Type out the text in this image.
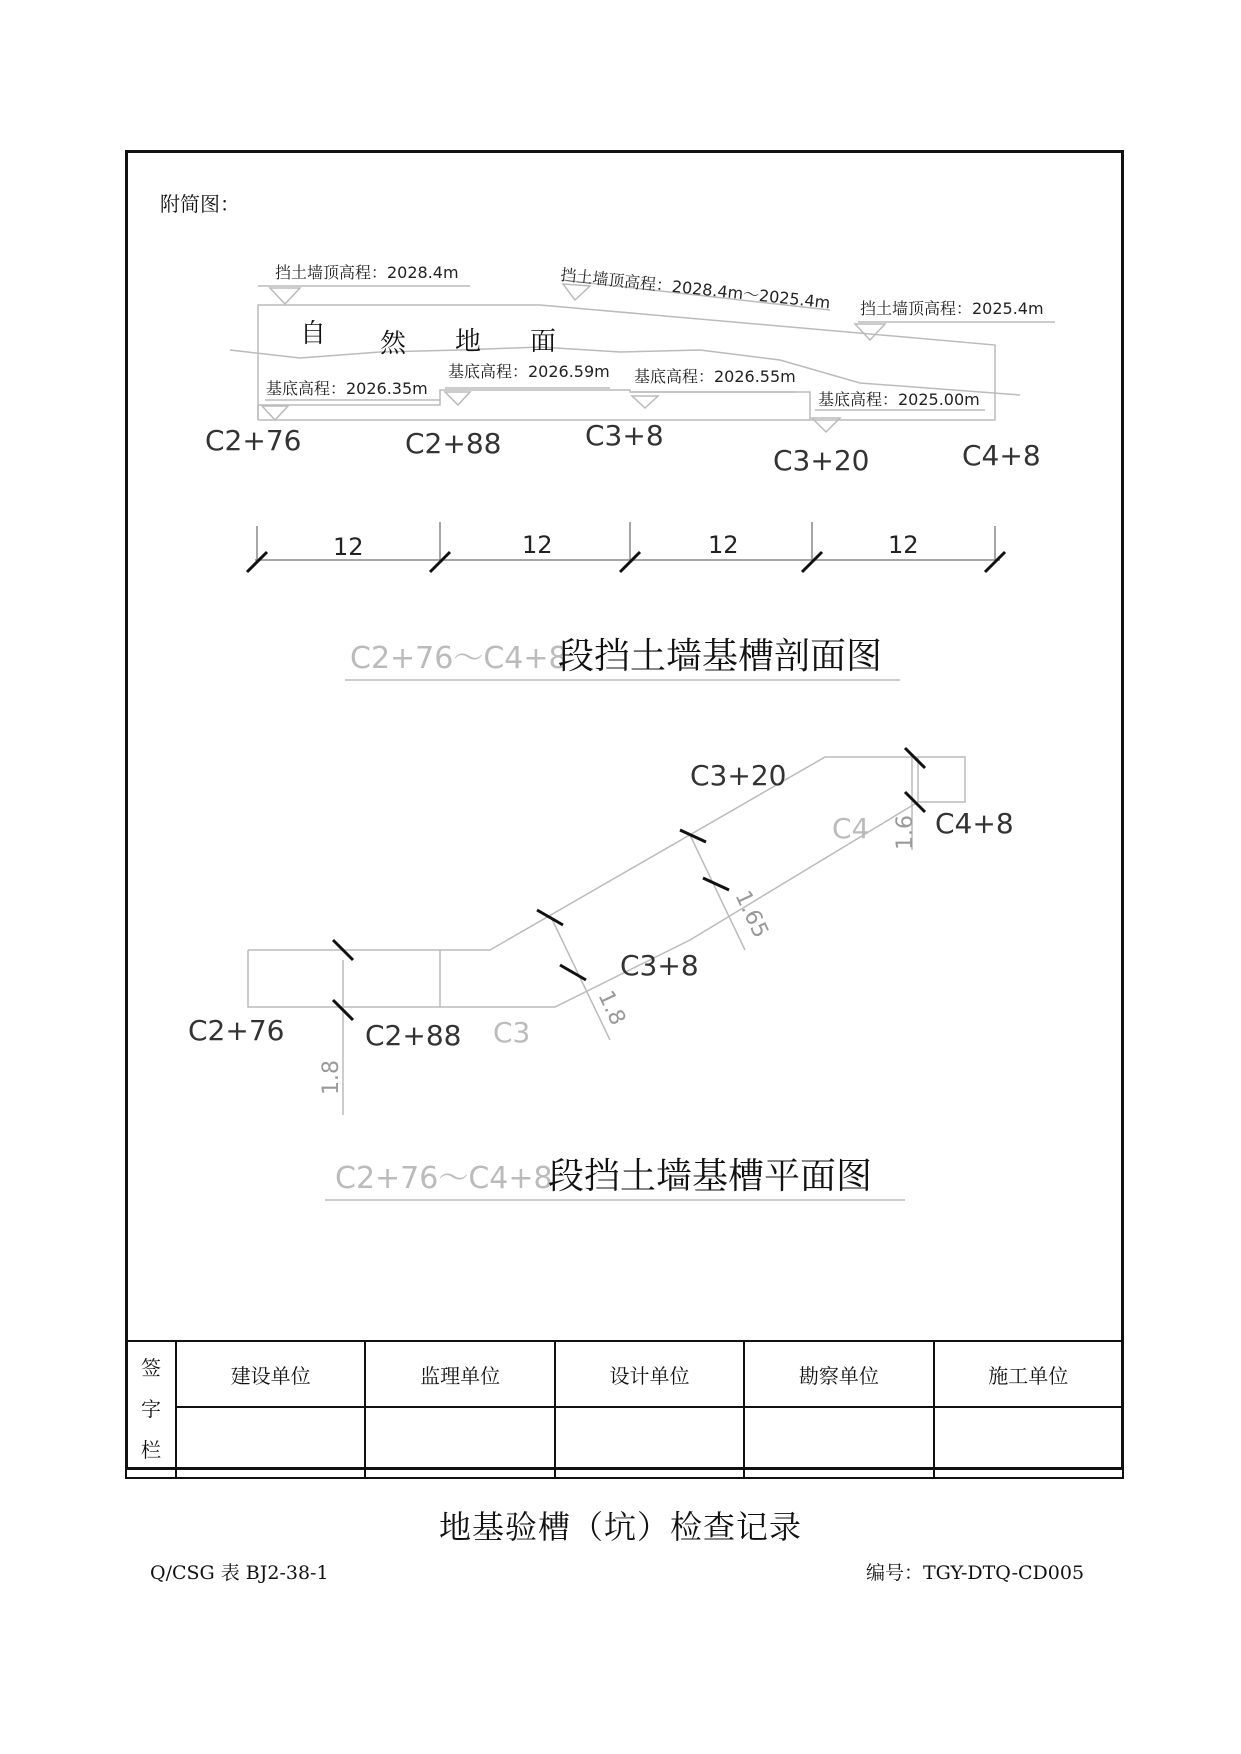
附简图：
挡土墙顶高程：2028.4m	挡土墙顶高程：2028.4m～2025.4m 挡土墙顶高程：2025.4m
基底高程：2026.35m
基底高程：2026.59m 基底高程：2026.55m
基底高程：2025.00m
自 然 地 面
C2+76	C2+88	C3+8
C3+20	C4+8
12	12	12	12
C2+76～C4+8
段挡土墙基槽剖面图
C3+20
C4 C4+8
C3+8
C2+76	C2+88 C3
1.6
1.65
1.8
1.8
C2+76～C4+8
段挡土墙基槽平面图
签
字
栏	建设单位	监理单位	设计单位	勘察单位	施工单位

地基验槽（坑）检查记录
Q/CSG 表 BJ2-38-1	编号：TGY-DTQ-CD005
